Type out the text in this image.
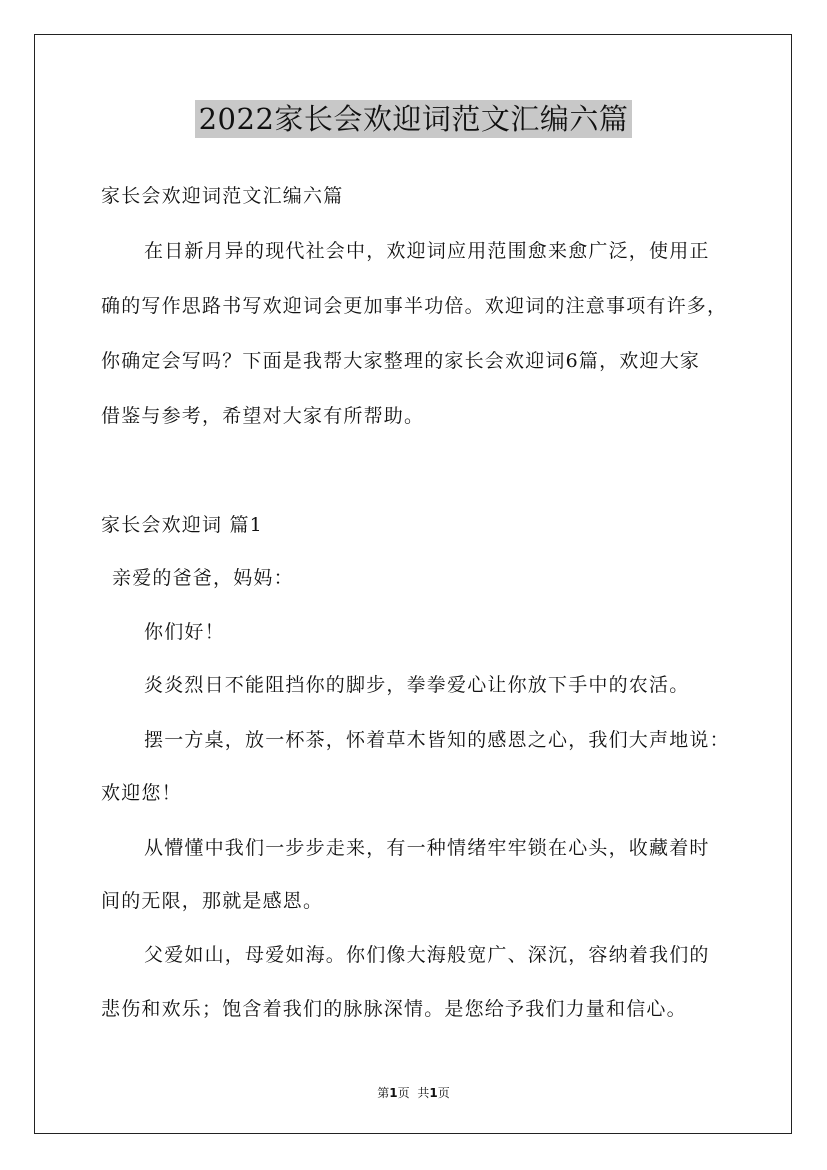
2022家长会欢迎词范文汇编六篇
家长会欢迎词范文汇编六篇
在日新月异的现代社会中，欢迎词应用范围愈来愈广泛，使用正
确的写作思路书写欢迎词会更加事半功倍。欢迎词的注意事项有许多，
你确定会写吗？下面是我帮大家整理的家长会欢迎词6篇，欢迎大家
借鉴与参考，希望对大家有所帮助。
家长会欢迎词 篇1
亲爱的爸爸，妈妈：
你们好！
炎炎烈日不能阻挡你的脚步，拳拳爱心让你放下手中的农活。
摆一方桌，放一杯茶，怀着草木皆知的感恩之心，我们大声地说：
欢迎您！
从懵懂中我们一步步走来，有一种情绪牢牢锁在心头，收藏着时
间的无限，那就是感恩。
父爱如山，母爱如海。你们像大海般宽广、深沉，容纳着我们的
悲伤和欢乐；饱含着我们的脉脉深情。是您给予我们力量和信心。
第1页 共1页
